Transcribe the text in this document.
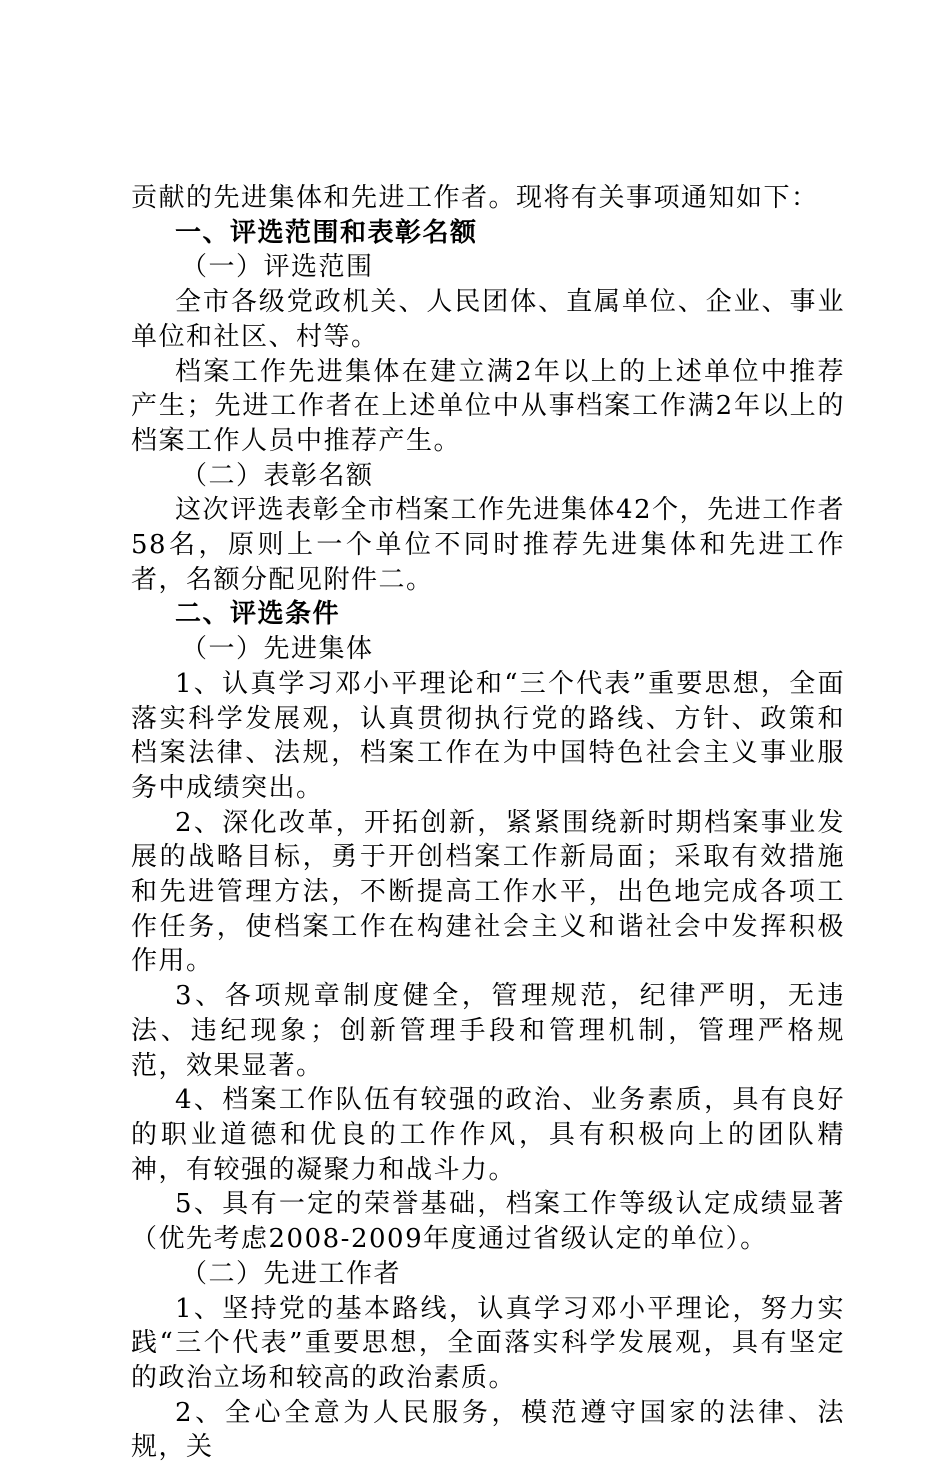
贡献的先进集体和先进工作者。现将有关事项通知如下：

一、评选范围和表彰名额

（一）评选范围

全市各级党政机关、人民团体、直属单位、企业、事业单位和社区、村等。

档案工作先进集体在建立满2年以上的上述单位中推荐产生；先进工作者在上述单位中从事档案工作满2年以上的档案工作人员中推荐产生。

（二）表彰名额

这次评选表彰全市档案工作先进集体42个，先进工作者58名，原则上一个单位不同时推荐先进集体和先进工作者，名额分配见附件二。

二、评选条件

（一）先进集体

1、认真学习邓小平理论和“三个代表”重要思想，全面落实科学发展观，认真贯彻执行党的路线、方针、政策和档案法律、法规，档案工作在为中国特色社会主义事业服务中成绩突出。

2、深化改革，开拓创新，紧紧围绕新时期档案事业发展的战略目标，勇于开创档案工作新局面；采取有效措施和先进管理方法，不断提高工作水平，出色地完成各项工作任务，使档案工作在构建社会主义和谐社会中发挥积极作用。

3、各项规章制度健全，管理规范，纪律严明，无违法、违纪现象；创新管理手段和管理机制，管理严格规范，效果显著。

4、档案工作队伍有较强的政治、业务素质，具有良好的职业道德和优良的工作作风，具有积极向上的团队精神，有较强的凝聚力和战斗力。

5、具有一定的荣誉基础，档案工作等级认定成绩显著（优先考虑2008-2009年度通过省级认定的单位）。

（二）先进工作者

1、坚持党的基本路线，认真学习邓小平理论，努力实践“三个代表”重要思想，全面落实科学发展观，具有坚定的政治立场和较高的政治素质。

2、全心全意为人民服务，模范遵守国家的法律、法规，关
